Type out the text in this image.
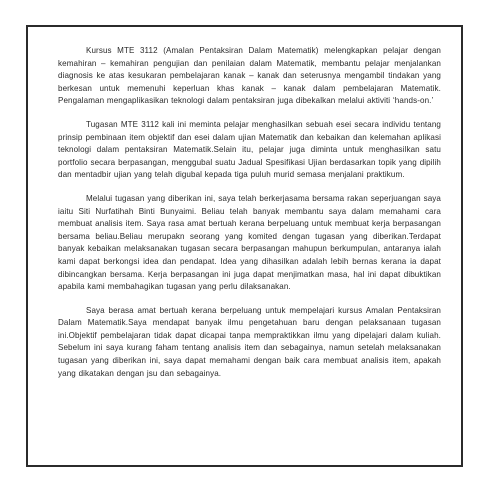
Kursus MTE 3112 (Amalan Pentaksiran Dalam Matematik) melengkapkan pelajar dengan kemahiran – kemahiran pengujian dan penilaian dalam Matematik, membantu pelajar menjalankan diagnosis ke atas kesukaran pembelajaran kanak – kanak dan seterusnya mengambil tindakan yang berkesan untuk memenuhi keperluan khas kanak – kanak dalam pembelajaran Matematik. Pengalaman mengaplikasikan teknologi dalam pentaksiran juga dibekalkan melalui aktiviti ‘hands-on.’

Tugasan MTE 3112 kali ini meminta pelajar menghasilkan sebuah esei secara individu tentang prinsip pembinaan item objektif dan esei dalam ujian Matematik dan kebaikan dan kelemahan aplikasi teknologi dalam pentaksiran Matematik.Selain itu, pelajar juga diminta untuk menghasilkan satu portfolio secara berpasangan, menggubal suatu Jadual Spesifikasi Ujian berdasarkan topik yang dipilih dan mentadbir ujian yang telah digubal kepada tiga puluh murid semasa menjalani praktikum.

Melalui tugasan yang diberikan ini, saya telah berkerjasama bersama rakan seperjuangan saya iaitu Siti Nurfatihah Binti Bunyaimi. Beliau telah banyak membantu saya dalam memahami cara membuat analisis item. Saya rasa amat bertuah kerana berpeluang untuk membuat kerja berpasangan bersama beliau.Beliau merupakn seorang yang komited dengan tugasan yang diberikan.Terdapat banyak kebaikan melaksanakan tugasan secara berpasangan mahupun berkumpulan, antaranya ialah kami dapat berkongsi idea dan pendapat. Idea yang dihasilkan adalah lebih bernas kerana ia dapat dibincangkan bersama. Kerja berpasangan ini juga dapat menjimatkan masa, hal ini dapat dibuktikan apabila kami membahagikan tugasan yang perlu dilaksanakan.

Saya berasa amat bertuah kerana berpeluang untuk mempelajari kursus Amalan Pentaksiran Dalam Matematik.Saya mendapat banyak ilmu pengetahuan baru dengan pelaksanaan tugasan ini.Objektif pembelajaran tidak dapat dicapai tanpa mempraktikkan ilmu yang dipelajari dalam kuliah. Sebelum ini saya kurang faham tentang analisis item dan sebagainya, namun setelah melaksanakan tugasan yang diberikan ini, saya dapat memahami dengan baik cara membuat analisis item, apakah yang dikatakan dengan jsu dan sebagainya.
